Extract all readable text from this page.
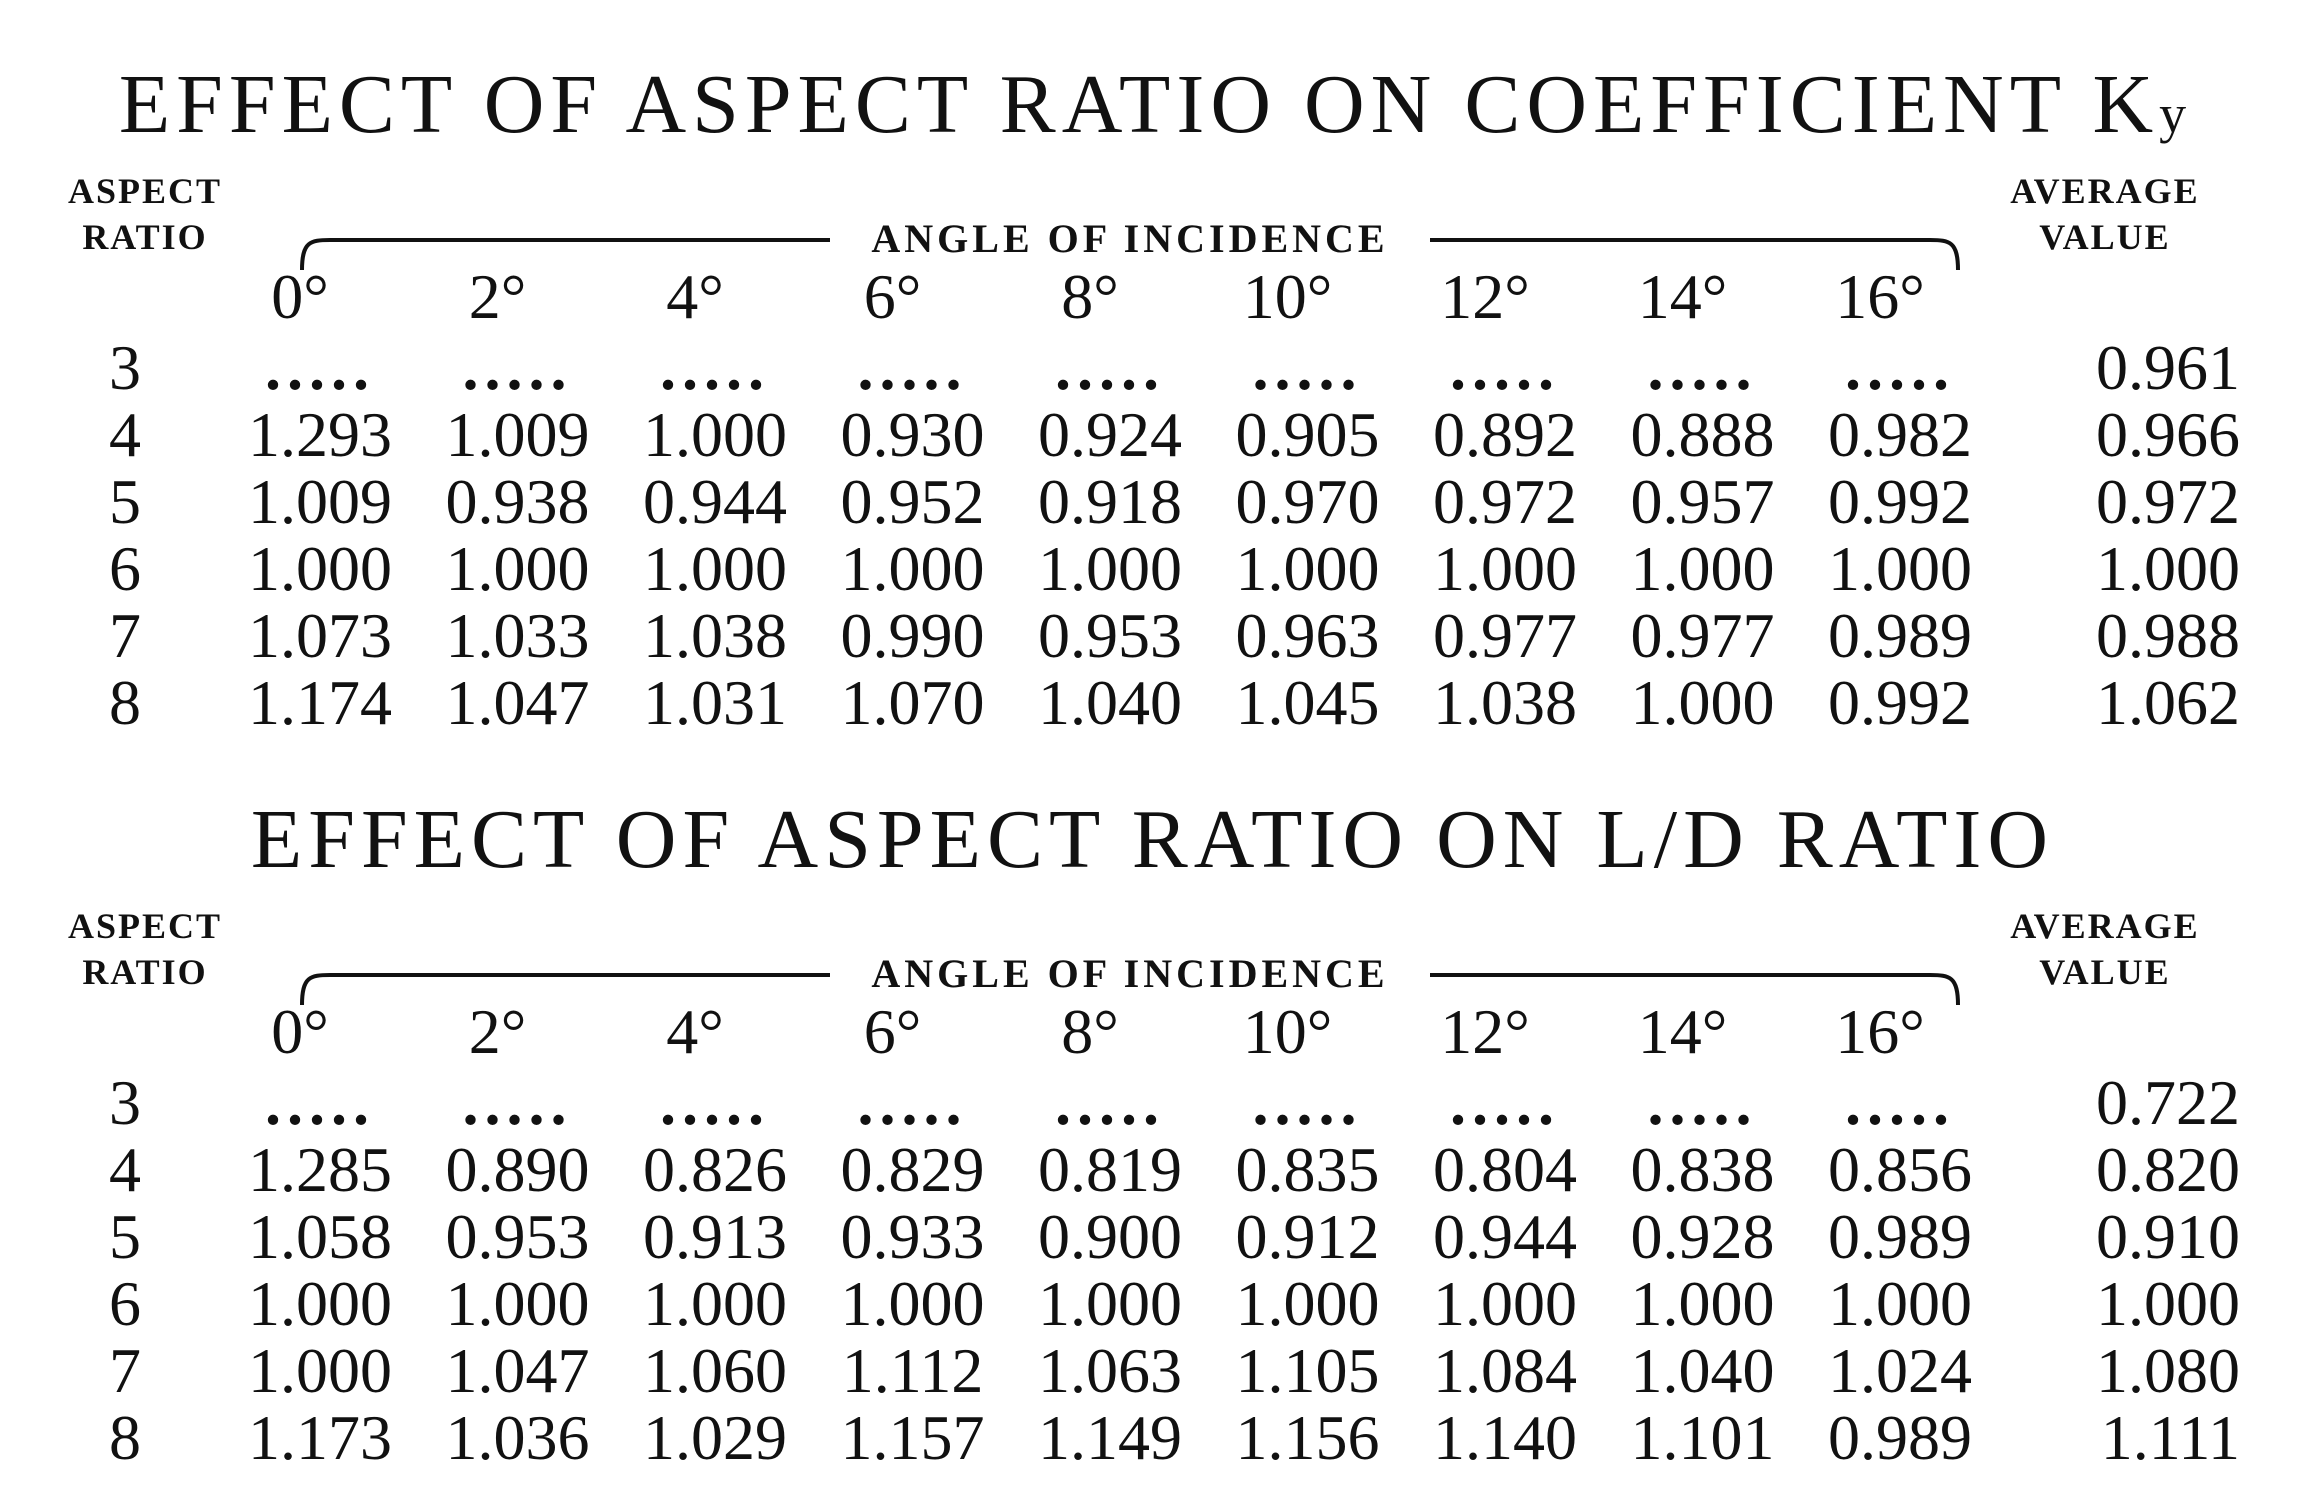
EFFECT OF ASPECT RATIO ON COEFFICIENT Ky
ASPECT RATIO
AVERAGE VALUE
ANGLE OF INCIDENCE
0°	2°	4°	6°	8°	10°	12°	14°	16°
3	.....	.....	.....	.....	.....	.....	.....	.....	.....	0.961
4	1.293 1.009 1.000 0.930 0.924 0.905 0.892 0.888 0.982	0.966
5	1.009 0.938 0.944 0.952 0.918 0.970 0.972 0.957 0.992	0.972
6	1.000 1.000 1.000 1.000 1.000 1.000 1.000 1.000 1.000	1.000
7	1.073 1.033 1.038 0.990 0.953 0.963 0.977 0.977 0.989	0.988
8	1.174 1.047 1.031 1.070 1.040 1.045 1.038 1.000 0.992	1.062
EFFECT OF ASPECT RATIO ON L/D RATIO
ASPECT RATIO
AVERAGE VALUE
ANGLE OF INCIDENCE
0°	2°	4°	6°	8°	10°	12°	14°	16°
3	.....	.....	.....	.....	.....	.....	.....	.....	.....	0.722
4	1.285 0.890 0.826 0.829 0.819 0.835 0.804 0.838 0.856	0.820
5	1.058 0.953 0.913 0.933 0.900 0.912 0.944 0.928 0.989	0.910
6	1.000 1.000 1.000 1.000 1.000 1.000 1.000 1.000 1.000	1.000
7	1.000 1.047 1.060 1.112 1.063 1.105 1.084 1.040 1.024	1.080
8	1.173 1.036 1.029 1.157 1.149 1.156 1.140 1.101 0.989	1.111
